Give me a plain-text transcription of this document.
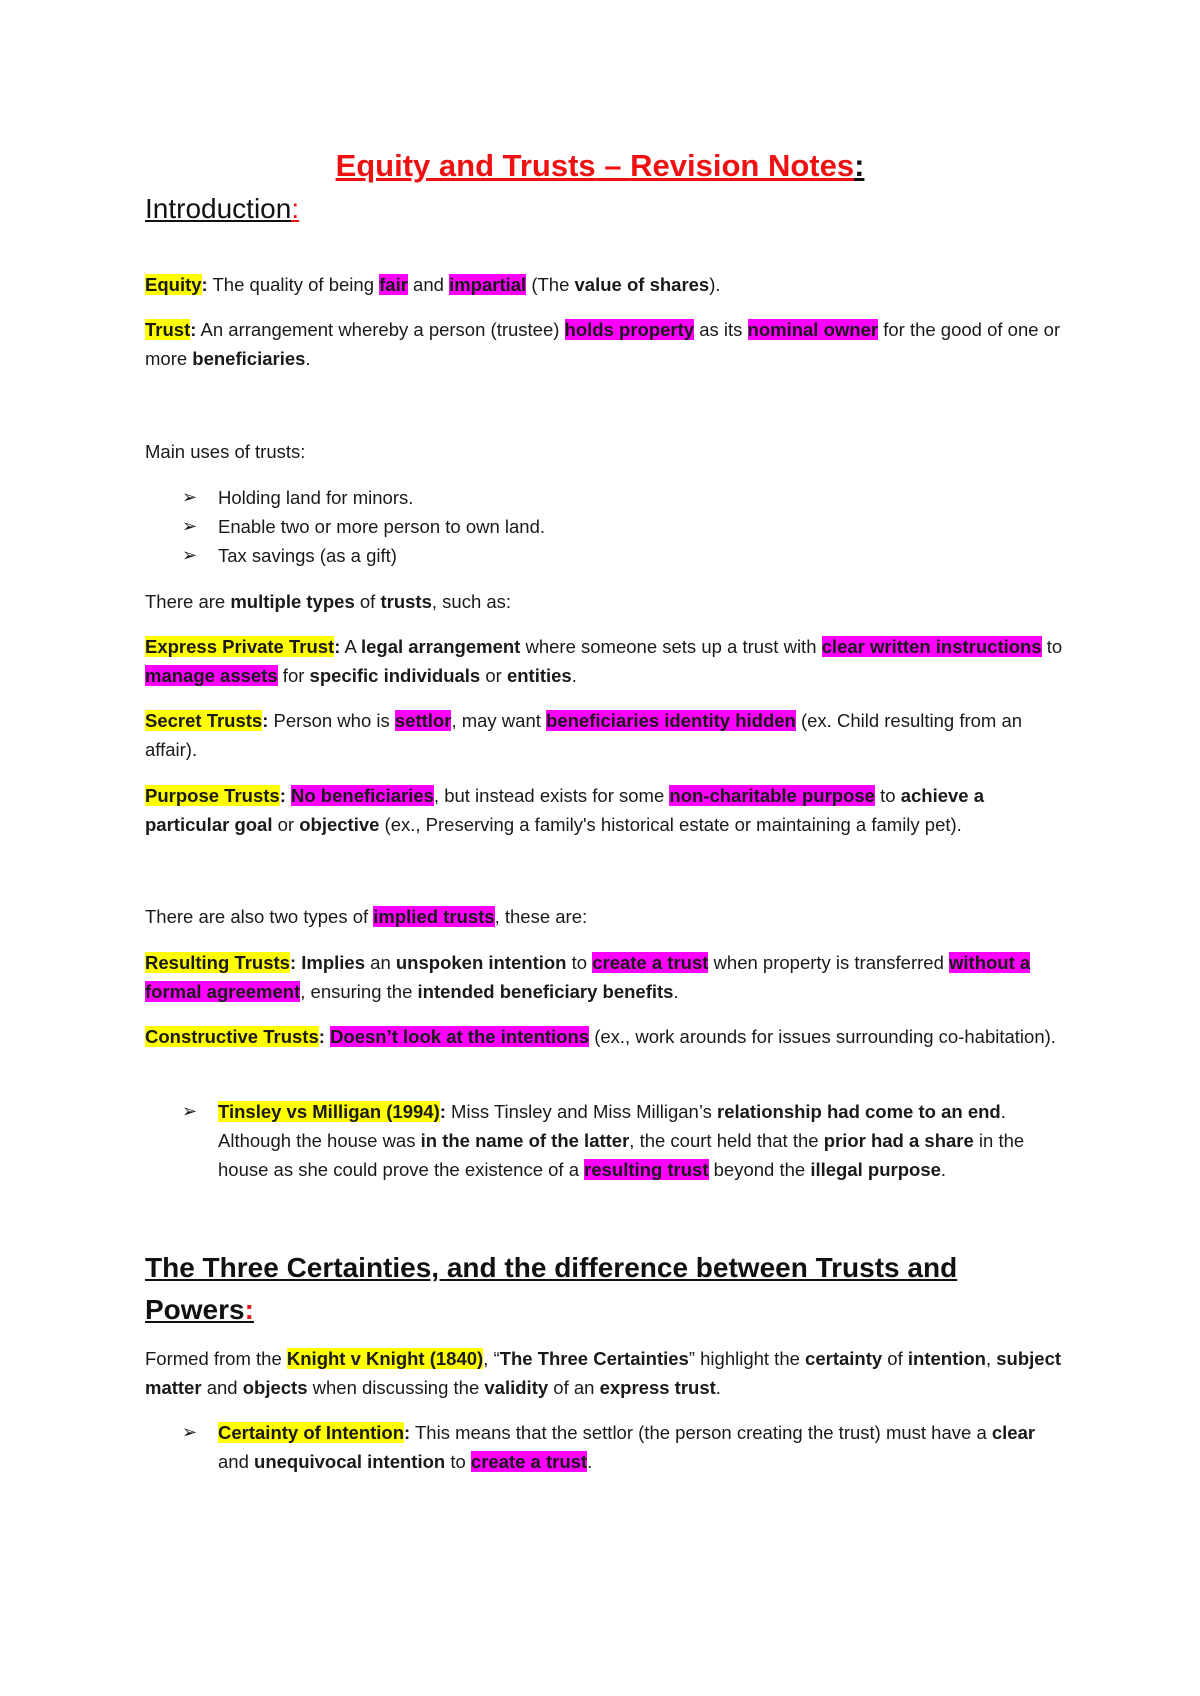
Equity and Trusts – Revision Notes:
Introduction:
Equity: The quality of being fair and impartial (The value of shares).
Trust: An arrangement whereby a person (trustee) holds property as its nominal owner for the good of one or more beneficiaries.
Main uses of trusts:
➢ Holding land for minors.
➢ Enable two or more person to own land.
➢ Tax savings (as a gift)
There are multiple types of trusts, such as:
Express Private Trust: A legal arrangement where someone sets up a trust with clear written instructions to manage assets for specific individuals or entities.
Secret Trusts: Person who is settlor, may want beneficiaries identity hidden (ex. Child resulting from an affair).
Purpose Trusts: No beneficiaries, but instead exists for some non-charitable purpose to achieve a particular goal or objective (ex., Preserving a family's historical estate or maintaining a family pet).
There are also two types of implied trusts, these are:
Resulting Trusts: Implies an unspoken intention to create a trust when property is transferred without a formal agreement, ensuring the intended beneficiary benefits.
Constructive Trusts: Doesn’t look at the intentions (ex., work arounds for issues surrounding co-habitation).
➢ Tinsley vs Milligan (1994): Miss Tinsley and Miss Milligan’s relationship had come to an end. Although the house was in the name of the latter, the court held that the prior had a share in the house as she could prove the existence of a resulting trust beyond the illegal purpose.
The Three Certainties, and the difference between Trusts and Powers:
Formed from the Knight v Knight (1840), “The Three Certainties” highlight the certainty of intention, subject matter and objects when discussing the validity of an express trust.
➢ Certainty of Intention: This means that the settlor (the person creating the trust) must have a clear and unequivocal intention to create a trust.
